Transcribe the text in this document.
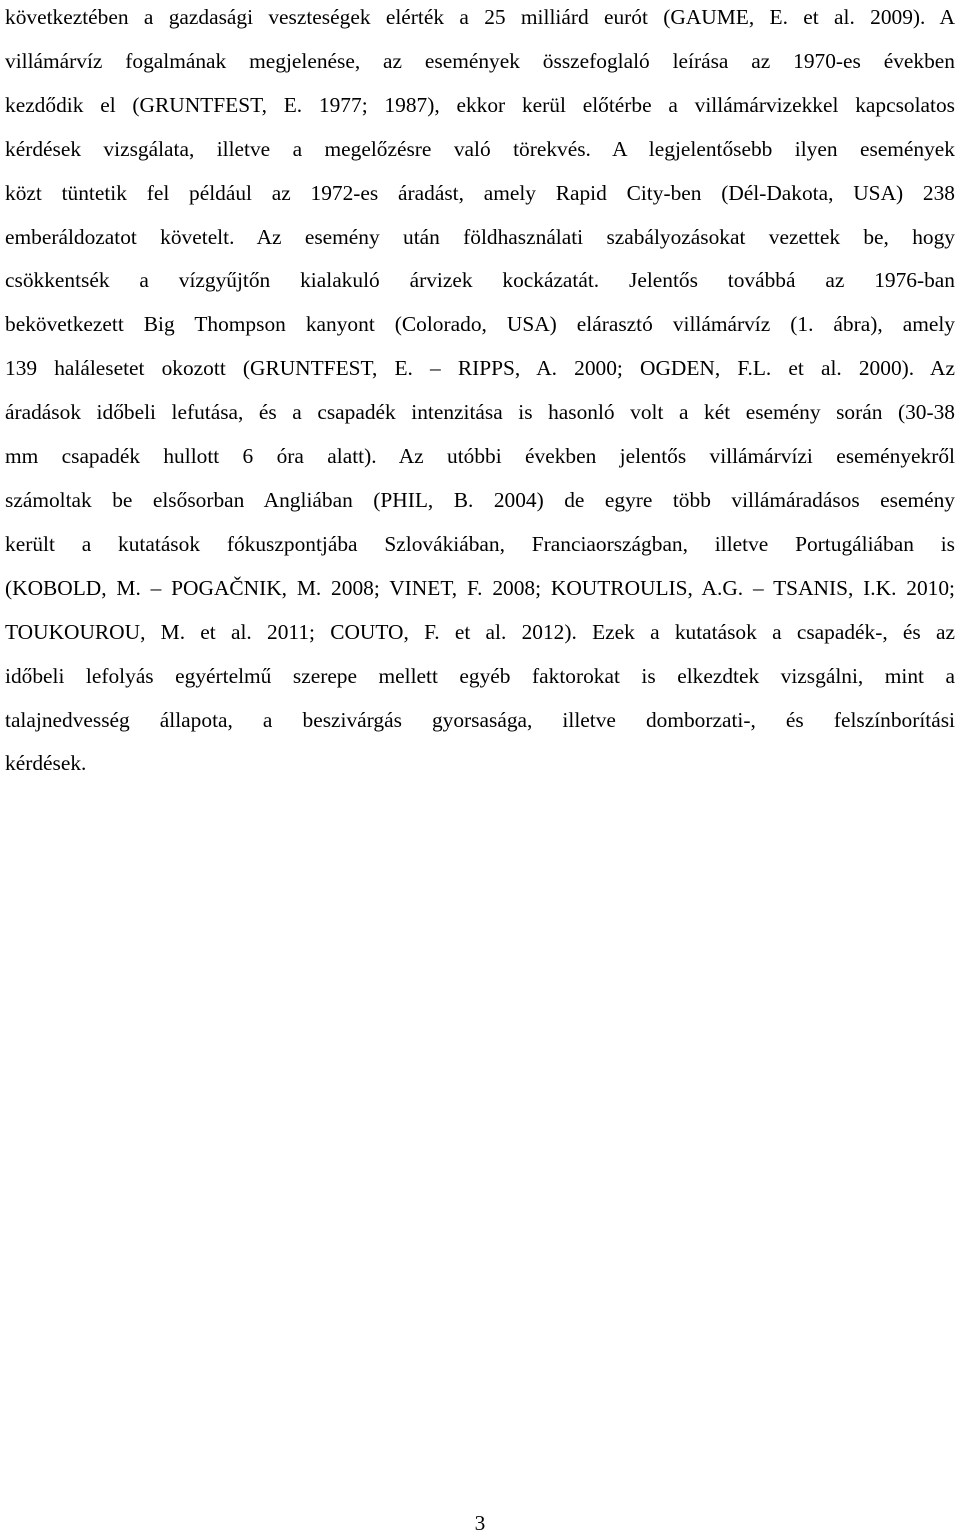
következtében a gazdasági veszteségek elérték a 25 milliárd eurót (GAUME, E. et al. 2009). A
villámárvíz fogalmának megjelenése, az események összefoglaló leírása az 1970-es években
kezdődik el (GRUNTFEST, E. 1977; 1987), ekkor kerül előtérbe a villámárvizekkel kapcsolatos
kérdések vizsgálata, illetve a megelőzésre való törekvés. A legjelentősebb ilyen események
közt tüntetik fel például az 1972-es áradást, amely Rapid City-ben (Dél-Dakota, USA) 238
emberáldozatot követelt. Az esemény után földhasználati szabályozásokat vezettek be, hogy
csökkentsék a vízgyűjtőn kialakuló árvizek kockázatát. Jelentős továbbá az 1976-ban
bekövetkezett Big Thompson kanyont (Colorado, USA) elárasztó villámárvíz (1. ábra), amely
139 halálesetet okozott (GRUNTFEST, E. – RIPPS, A. 2000; OGDEN, F.L. et al. 2000). Az
áradások időbeli lefutása, és a csapadék intenzitása is hasonló volt a két esemény során (30-38
mm csapadék hullott 6 óra alatt). Az utóbbi években jelentős villámárvízi eseményekről
számoltak be elsősorban Angliában (PHIL, B. 2004) de egyre több villámáradásos esemény
került a kutatások fókuszpontjába Szlovákiában, Franciaországban, illetve Portugáliában is
(KOBOLD, M. – POGAČNIK, M. 2008; VINET, F. 2008; KOUTROULIS, A.G. – TSANIS, I.K. 2010;
TOUKOUROU, M. et al. 2011; COUTO, F. et al. 2012). Ezek a kutatások a csapadék-, és az
időbeli lefolyás egyértelmű szerepe mellett egyéb faktorokat is elkezdtek vizsgálni, mint a
talajnedvesség állapota, a beszivárgás gyorsasága, illetve domborzati-, és felszínborítási
kérdések.

3
